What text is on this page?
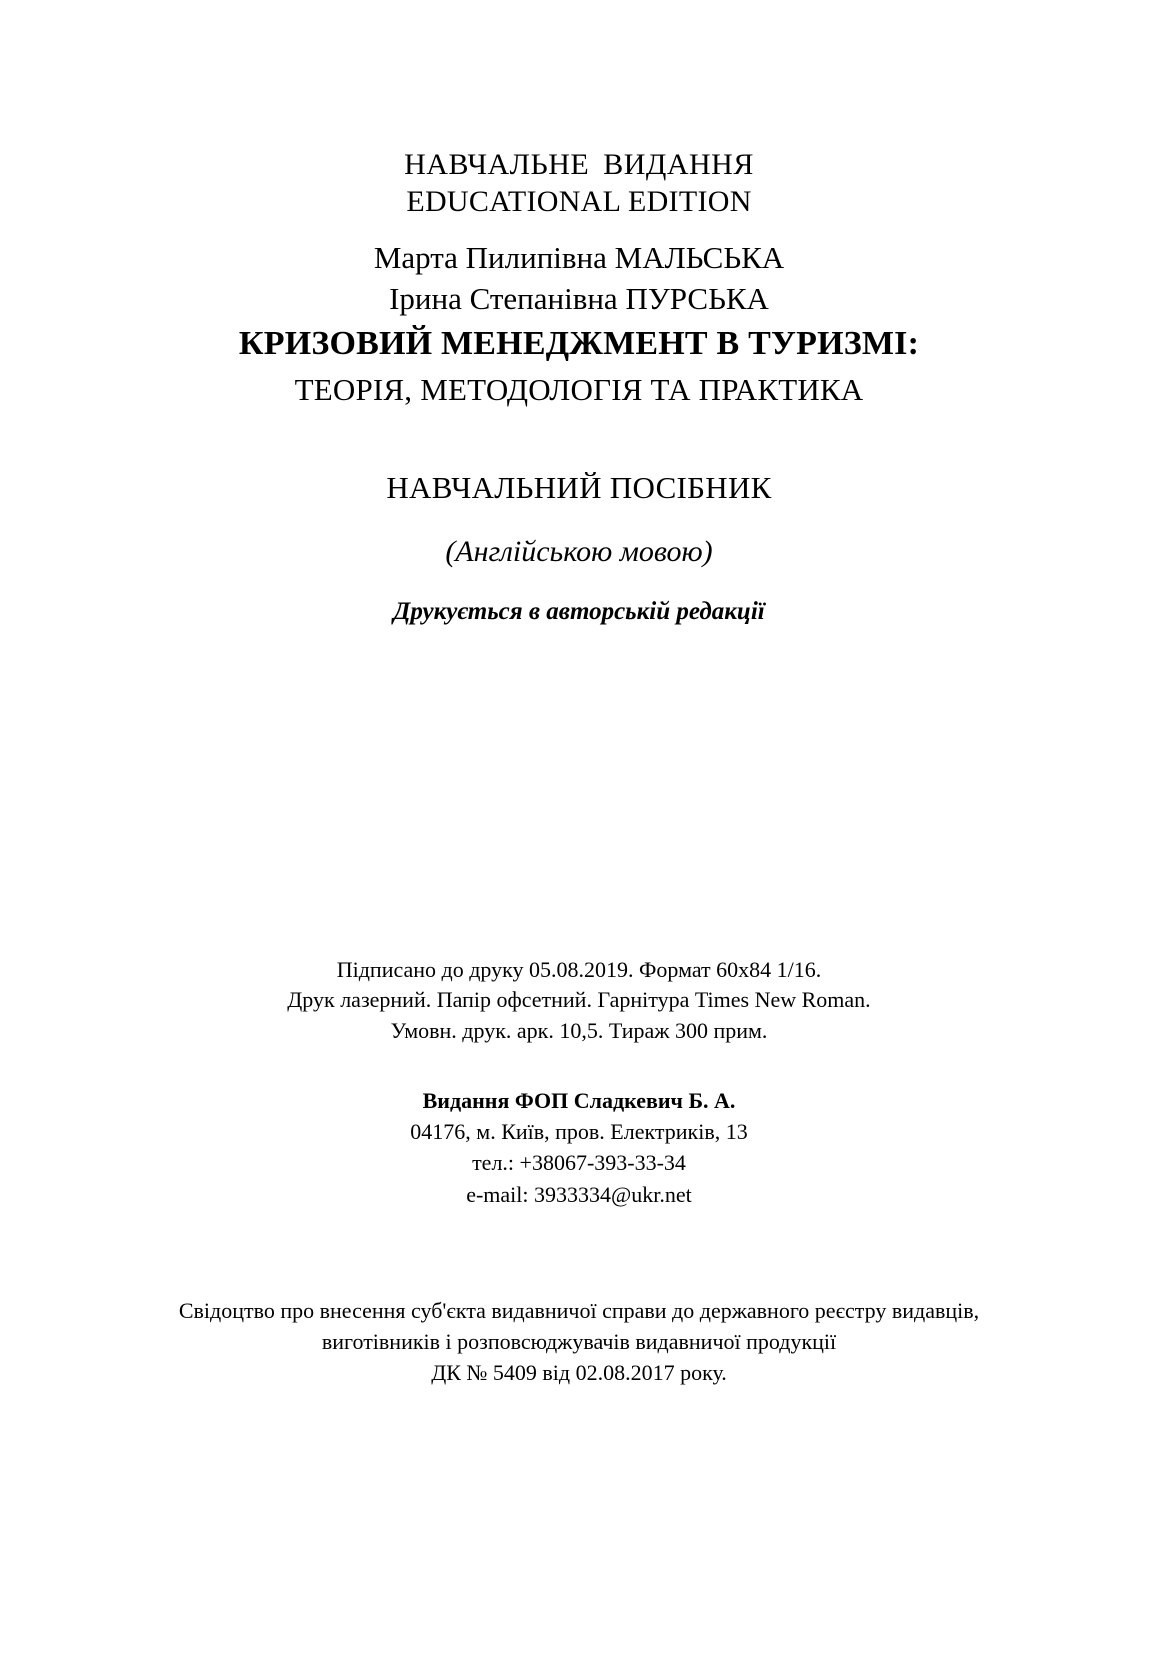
НАВЧАЛЬНЕ ВИДАННЯ
EDUCATIONAL EDITION
Марта Пилипівна МАЛЬСЬКА
Ірина Степанівна ПУРСЬКА
КРИЗОВИЙ МЕНЕДЖМЕНТ В ТУРИЗМІ:
ТЕОРІЯ, МЕТОДОЛОГІЯ ТА ПРАКТИКА
НАВЧАЛЬНИЙ ПОСІБНИК
(Англійською мовою)
Друкується в авторській редакції
Підписано до друку 05.08.2019. Формат 60х84 1/16.
Друк лазерний. Папір офсетний. Гарнітура Times New Roman.
Умовн. друк. арк. 10,5. Тираж 300 прим.
Видання ФОП Сладкевич Б. А.
04176, м. Київ, пров. Електриків, 13
тел.: +38067-393-33-34
e-mail: 3933334@ukr.net
Свідоцтво про внесення суб'єкта видавничої справи до державного реєстру видавців,
виготівників і розповсюджувачів видавничої продукції
ДК № 5409 від 02.08.2017 року.
